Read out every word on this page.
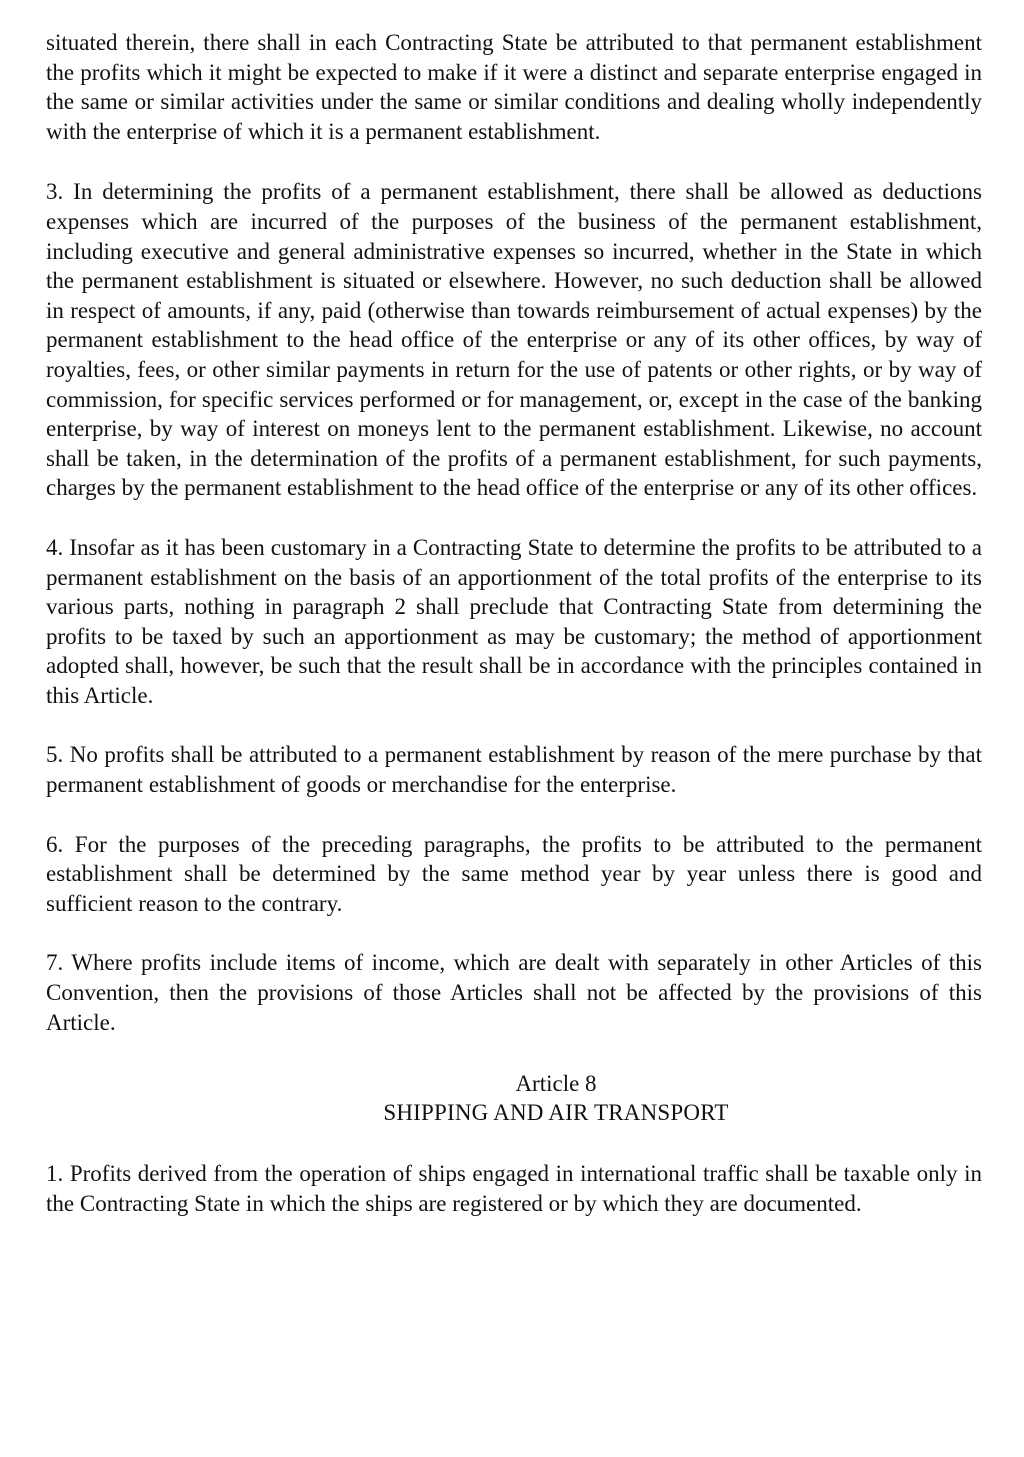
situated therein, there shall in each Contracting State be attributed to that permanent establishment the profits which it might be expected to make if it were a distinct and separate enterprise engaged in the same or similar activities under the same or similar conditions and dealing wholly independently with the enterprise of which it is a permanent establishment.

3. In determining the profits of a permanent establishment, there shall be allowed as deductions expenses which are incurred of the purposes of the business of the permanent establishment, including executive and general administrative expenses so incurred, whether in the State in which the permanent establishment is situated or elsewhere. However, no such deduction shall be allowed in respect of amounts, if any, paid (otherwise than towards reimbursement of actual expenses) by the permanent establishment to the head office of the enterprise or any of its other offices, by way of royalties, fees, or other similar payments in return for the use of patents or other rights, or by way of commission, for specific services performed or for management, or, except in the case of the banking enterprise, by way of interest on moneys lent to the permanent establishment. Likewise, no account shall be taken, in the determination of the profits of a permanent establishment, for such payments, charges by the permanent establishment to the head office of the enterprise or any of its other offices.

4. Insofar as it has been customary in a Contracting State to determine the profits to be attributed to a permanent establishment on the basis of an apportionment of the total profits of the enterprise to its various parts, nothing in paragraph 2 shall preclude that Contracting State from determining the profits to be taxed by such an apportionment as may be customary; the method of apportionment adopted shall, however, be such that the result shall be in accordance with the principles contained in this Article.

5. No profits shall be attributed to a permanent establishment by reason of the mere purchase by that permanent establishment of goods or merchandise for the enterprise.

6. For the purposes of the preceding paragraphs, the profits to be attributed to the permanent establishment shall be determined by the same method year by year unless there is good and sufficient reason to the contrary.

7. Where profits include items of income, which are dealt with separately in other Articles of this Convention, then the provisions of those Articles shall not be affected by the provisions of this Article.

Article 8
SHIPPING AND AIR TRANSPORT

1. Profits derived from the operation of ships engaged in international traffic shall be taxable only in the Contracting State in which the ships are registered or by which they are documented.
